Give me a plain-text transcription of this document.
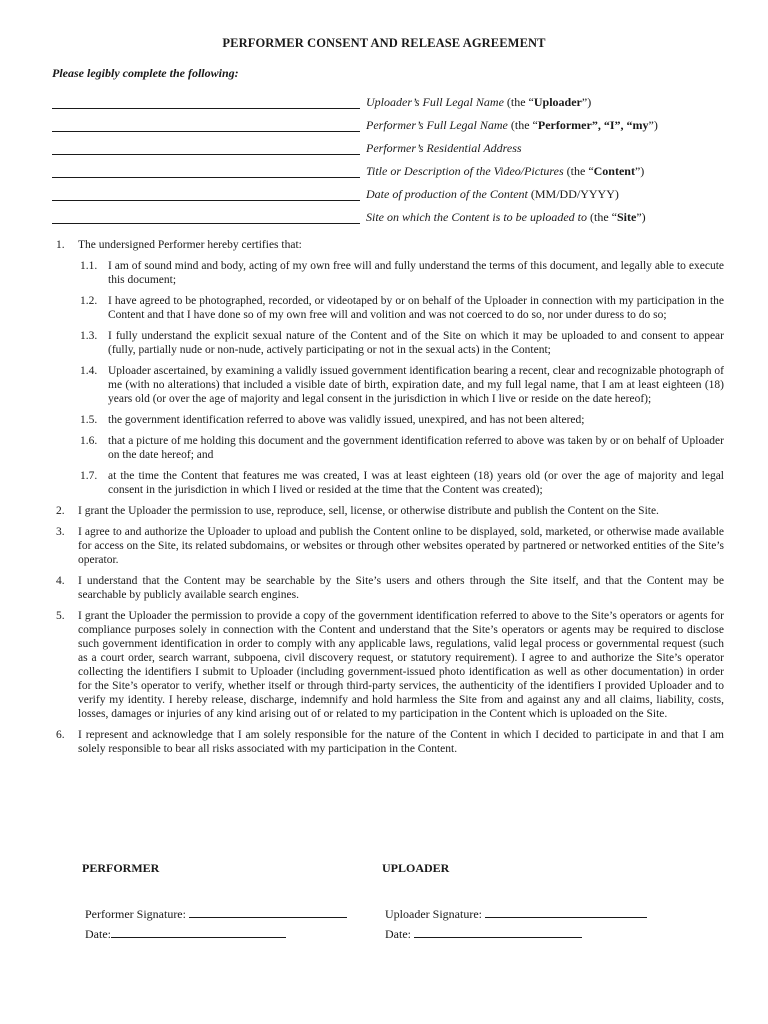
PERFORMER CONSENT AND RELEASE AGREEMENT
Please legibly complete the following:
Uploader’s Full Legal Name (the “Uploader”)
Performer’s Full Legal Name (the “Performer”, “I”, “my”)
Performer’s Residential Address
Title or Description of the Video/Pictures (the “Content”)
Date of production of the Content (MM/DD/YYYY)
Site on which the Content is to be uploaded to (the “Site”)
1. The undersigned Performer hereby certifies that:
1.1. I am of sound mind and body, acting of my own free will and fully understand the terms of this document, and legally able to execute this document;
1.2. I have agreed to be photographed, recorded, or videotaped by or on behalf of the Uploader in connection with my participation in the Content and that I have done so of my own free will and volition and was not coerced to do so, nor under duress to do so;
1.3. I fully understand the explicit sexual nature of the Content and of the Site on which it may be uploaded to and consent to appear (fully, partially nude or non-nude, actively participating or not in the sexual acts) in the Content;
1.4. Uploader ascertained, by examining a validly issued government identification bearing a recent, clear and recognizable photograph of me (with no alterations) that included a visible date of birth, expiration date, and my full legal name, that I am at least eighteen (18) years old (or over the age of majority and legal consent in the jurisdiction in which I live or reside on the date hereof);
1.5. the government identification referred to above was validly issued, unexpired, and has not been altered;
1.6. that a picture of me holding this document and the government identification referred to above was taken by or on behalf of Uploader on the date hereof; and
1.7. at the time the Content that features me was created, I was at least eighteen (18) years old (or over the age of majority and legal consent in the jurisdiction in which I lived or resided at the time that the Content was created);
2. I grant the Uploader the permission to use, reproduce, sell, license, or otherwise distribute and publish the Content on the Site.
3. I agree to and authorize the Uploader to upload and publish the Content online to be displayed, sold, marketed, or otherwise made available for access on the Site, its related subdomains, or websites or through other websites operated by partnered or networked entities of the Site’s operator.
4. I understand that the Content may be searchable by the Site’s users and others through the Site itself, and that the Content may be searchable by publicly available search engines.
5. I grant the Uploader the permission to provide a copy of the government identification referred to above to the Site’s operators or agents for compliance purposes solely in connection with the Content and understand that the Site’s operators or agents may be required to disclose such government identification in order to comply with any applicable laws, regulations, valid legal process or governmental request (such as a court order, search warrant, subpoena, civil discovery request, or statutory requirement). I agree to and authorize the Site’s operator collecting the identifiers I submit to Uploader (including government-issued photo identification as well as other documentation) in order for the Site’s operator to verify, whether itself or through third-party services, the authenticity of the identifiers I provided Uploader and to verify my identity. I hereby release, discharge, indemnify and hold harmless the Site from and against any and all claims, liability, costs, losses, damages or injuries of any kind arising out of or related to my participation in the Content which is uploaded on the Site.
6. I represent and acknowledge that I am solely responsible for the nature of the Content in which I decided to participate in and that I am solely responsible to bear all risks associated with my participation in the Content.
PERFORMER	UPLOADER
Performer Signature:
Date:
Uploader Signature:
Date:
